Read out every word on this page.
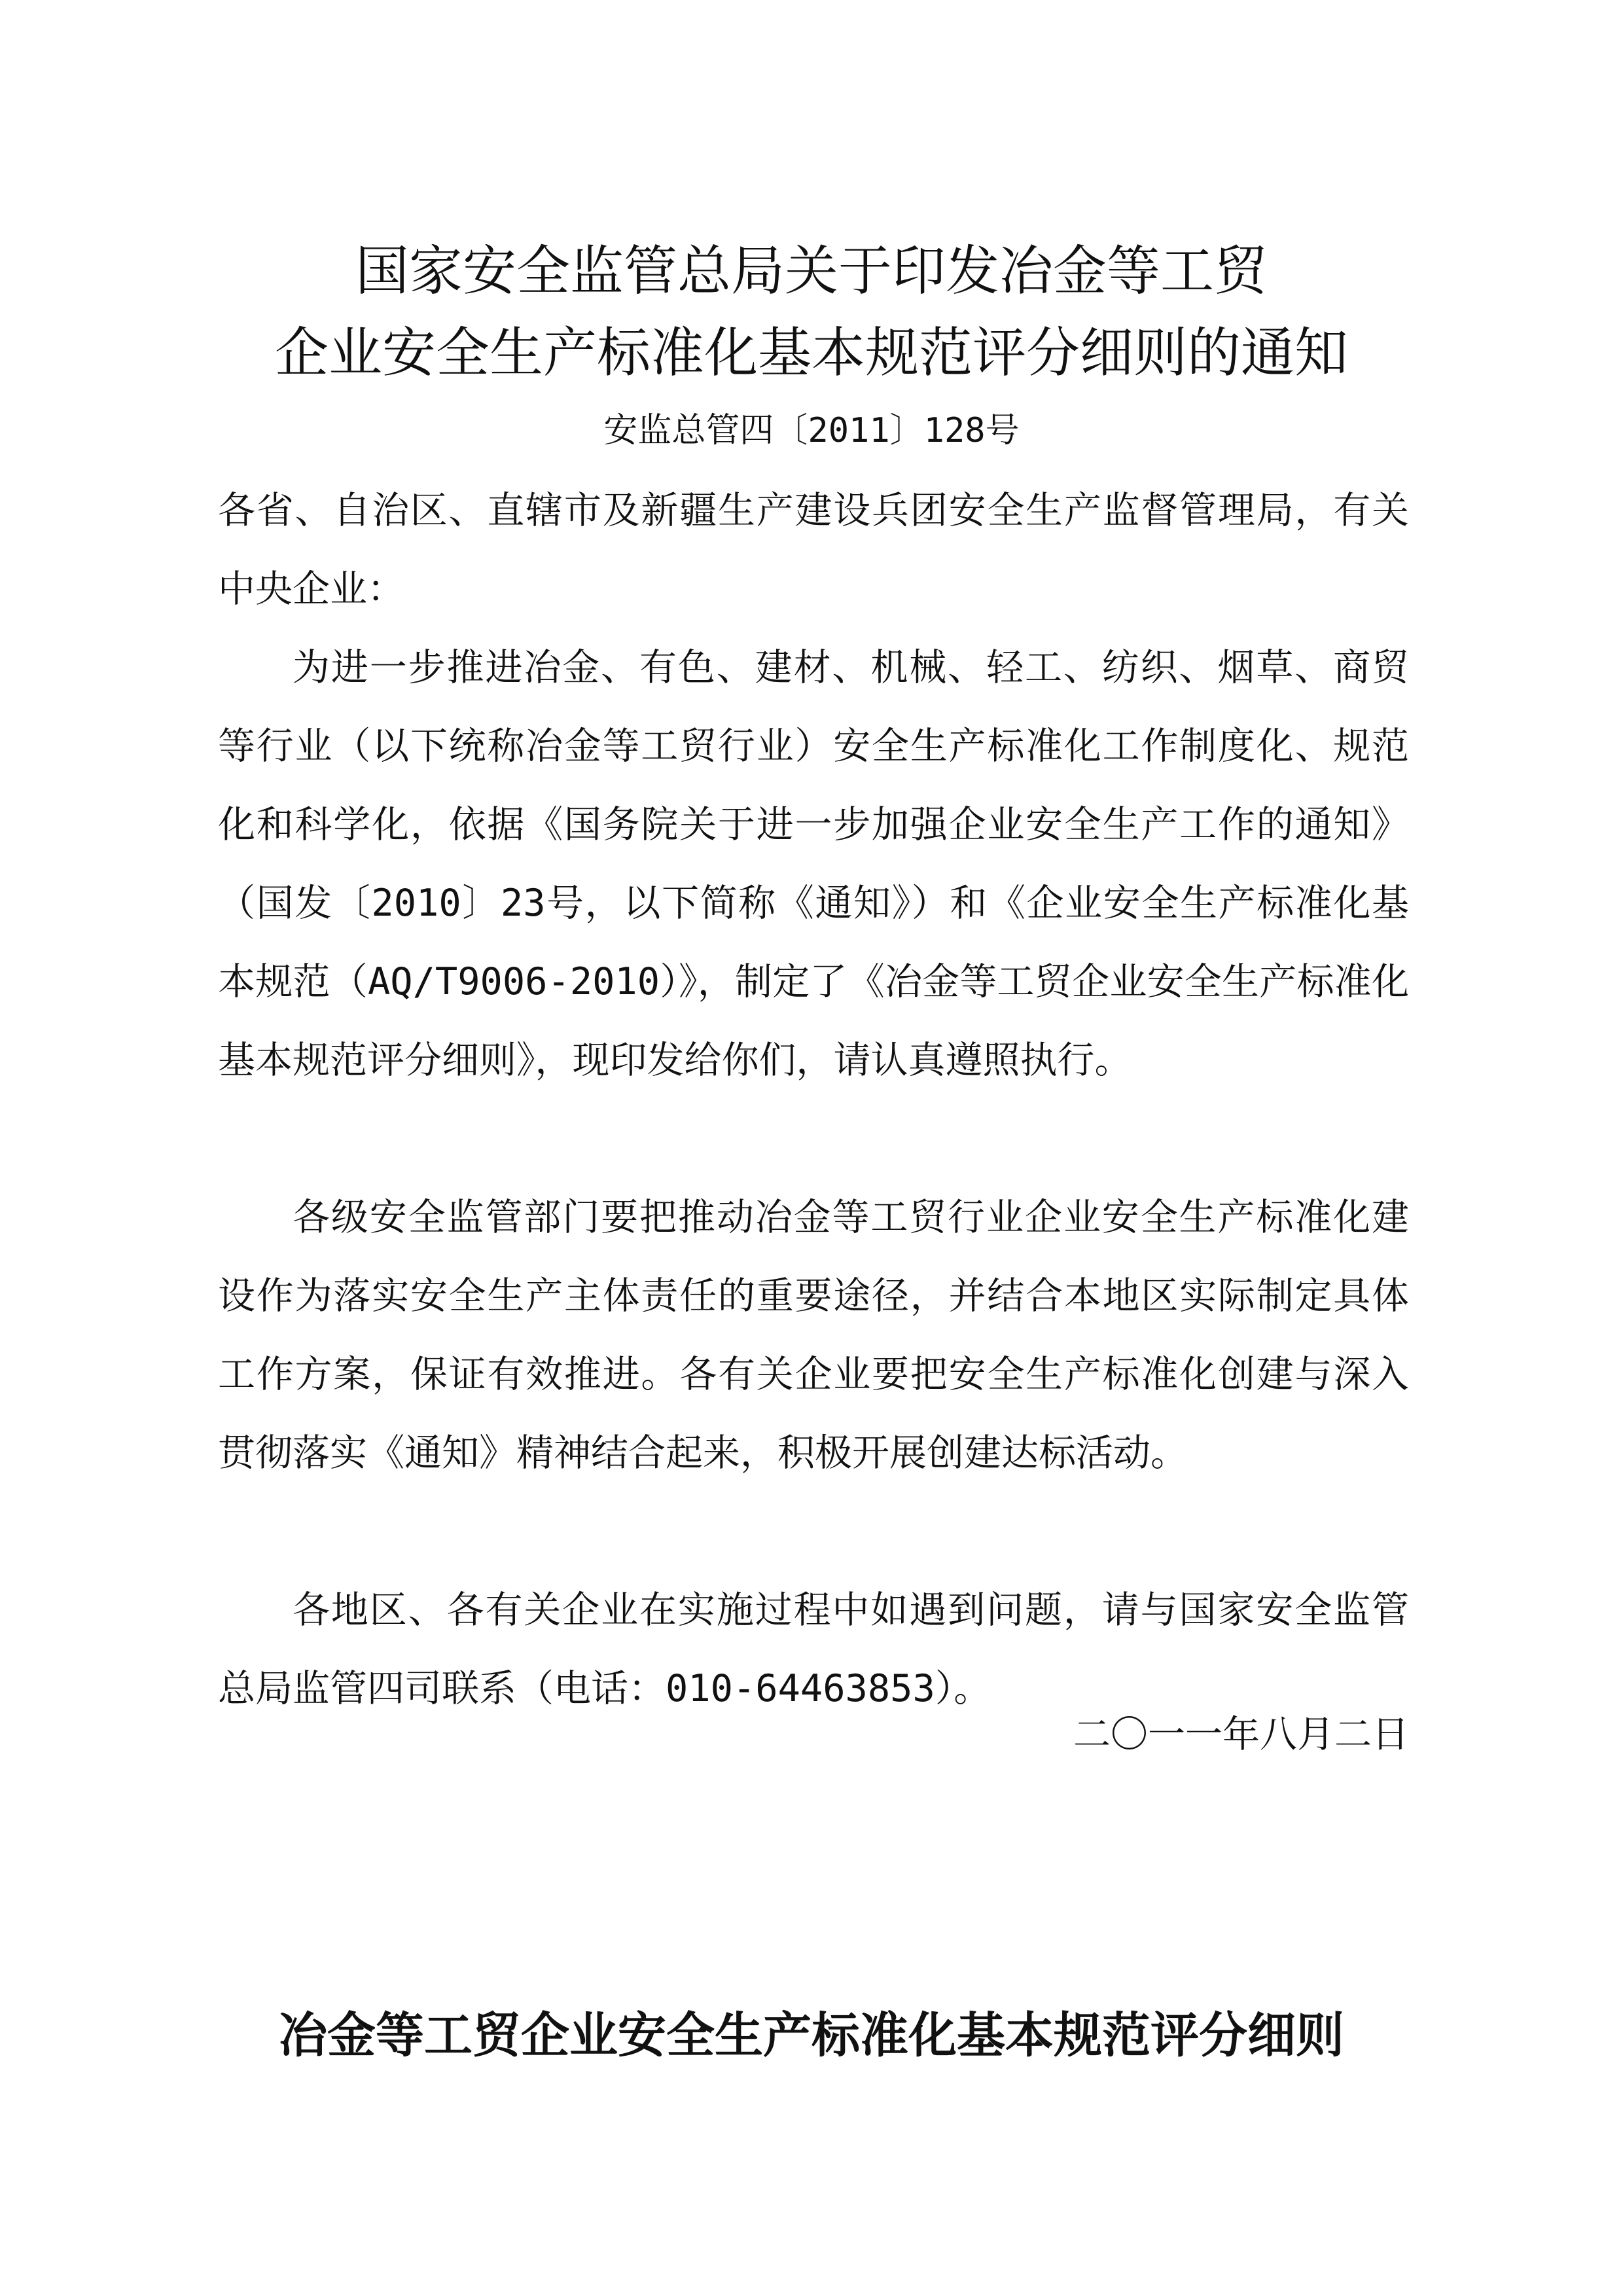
国家安全监管总局关于印发冶金等工贸
企业安全生产标准化基本规范评分细则的通知
安监总管四〔2011〕128号
各省、自治区、直辖市及新疆生产建设兵团安全生产监督管理局，有关中央企业：
为进一步推进冶金、有色、建材、机械、轻工、纺织、烟草、商贸等行业（以下统称冶金等工贸行业）安全生产标准化工作制度化、规范化和科学化，依据《国务院关于进一步加强企业安全生产工作的通知》（国发〔2010〕23号，以下简称《通知》）和《企业安全生产标准化基本规范（AQ/T9006-2010）》，制定了《冶金等工贸企业安全生产标准化基本规范评分细则》，现印发给你们，请认真遵照执行。
各级安全监管部门要把推动冶金等工贸行业企业安全生产标准化建设作为落实安全生产主体责任的重要途径，并结合本地区实际制定具体工作方案，保证有效推进。各有关企业要把安全生产标准化创建与深入贯彻落实《通知》精神结合起来，积极开展创建达标活动。
各地区、各有关企业在实施过程中如遇到问题，请与国家安全监管总局监管四司联系（电话：010-64463853）。
二〇一一年八月二日
冶金等工贸企业安全生产标准化基本规范评分细则
